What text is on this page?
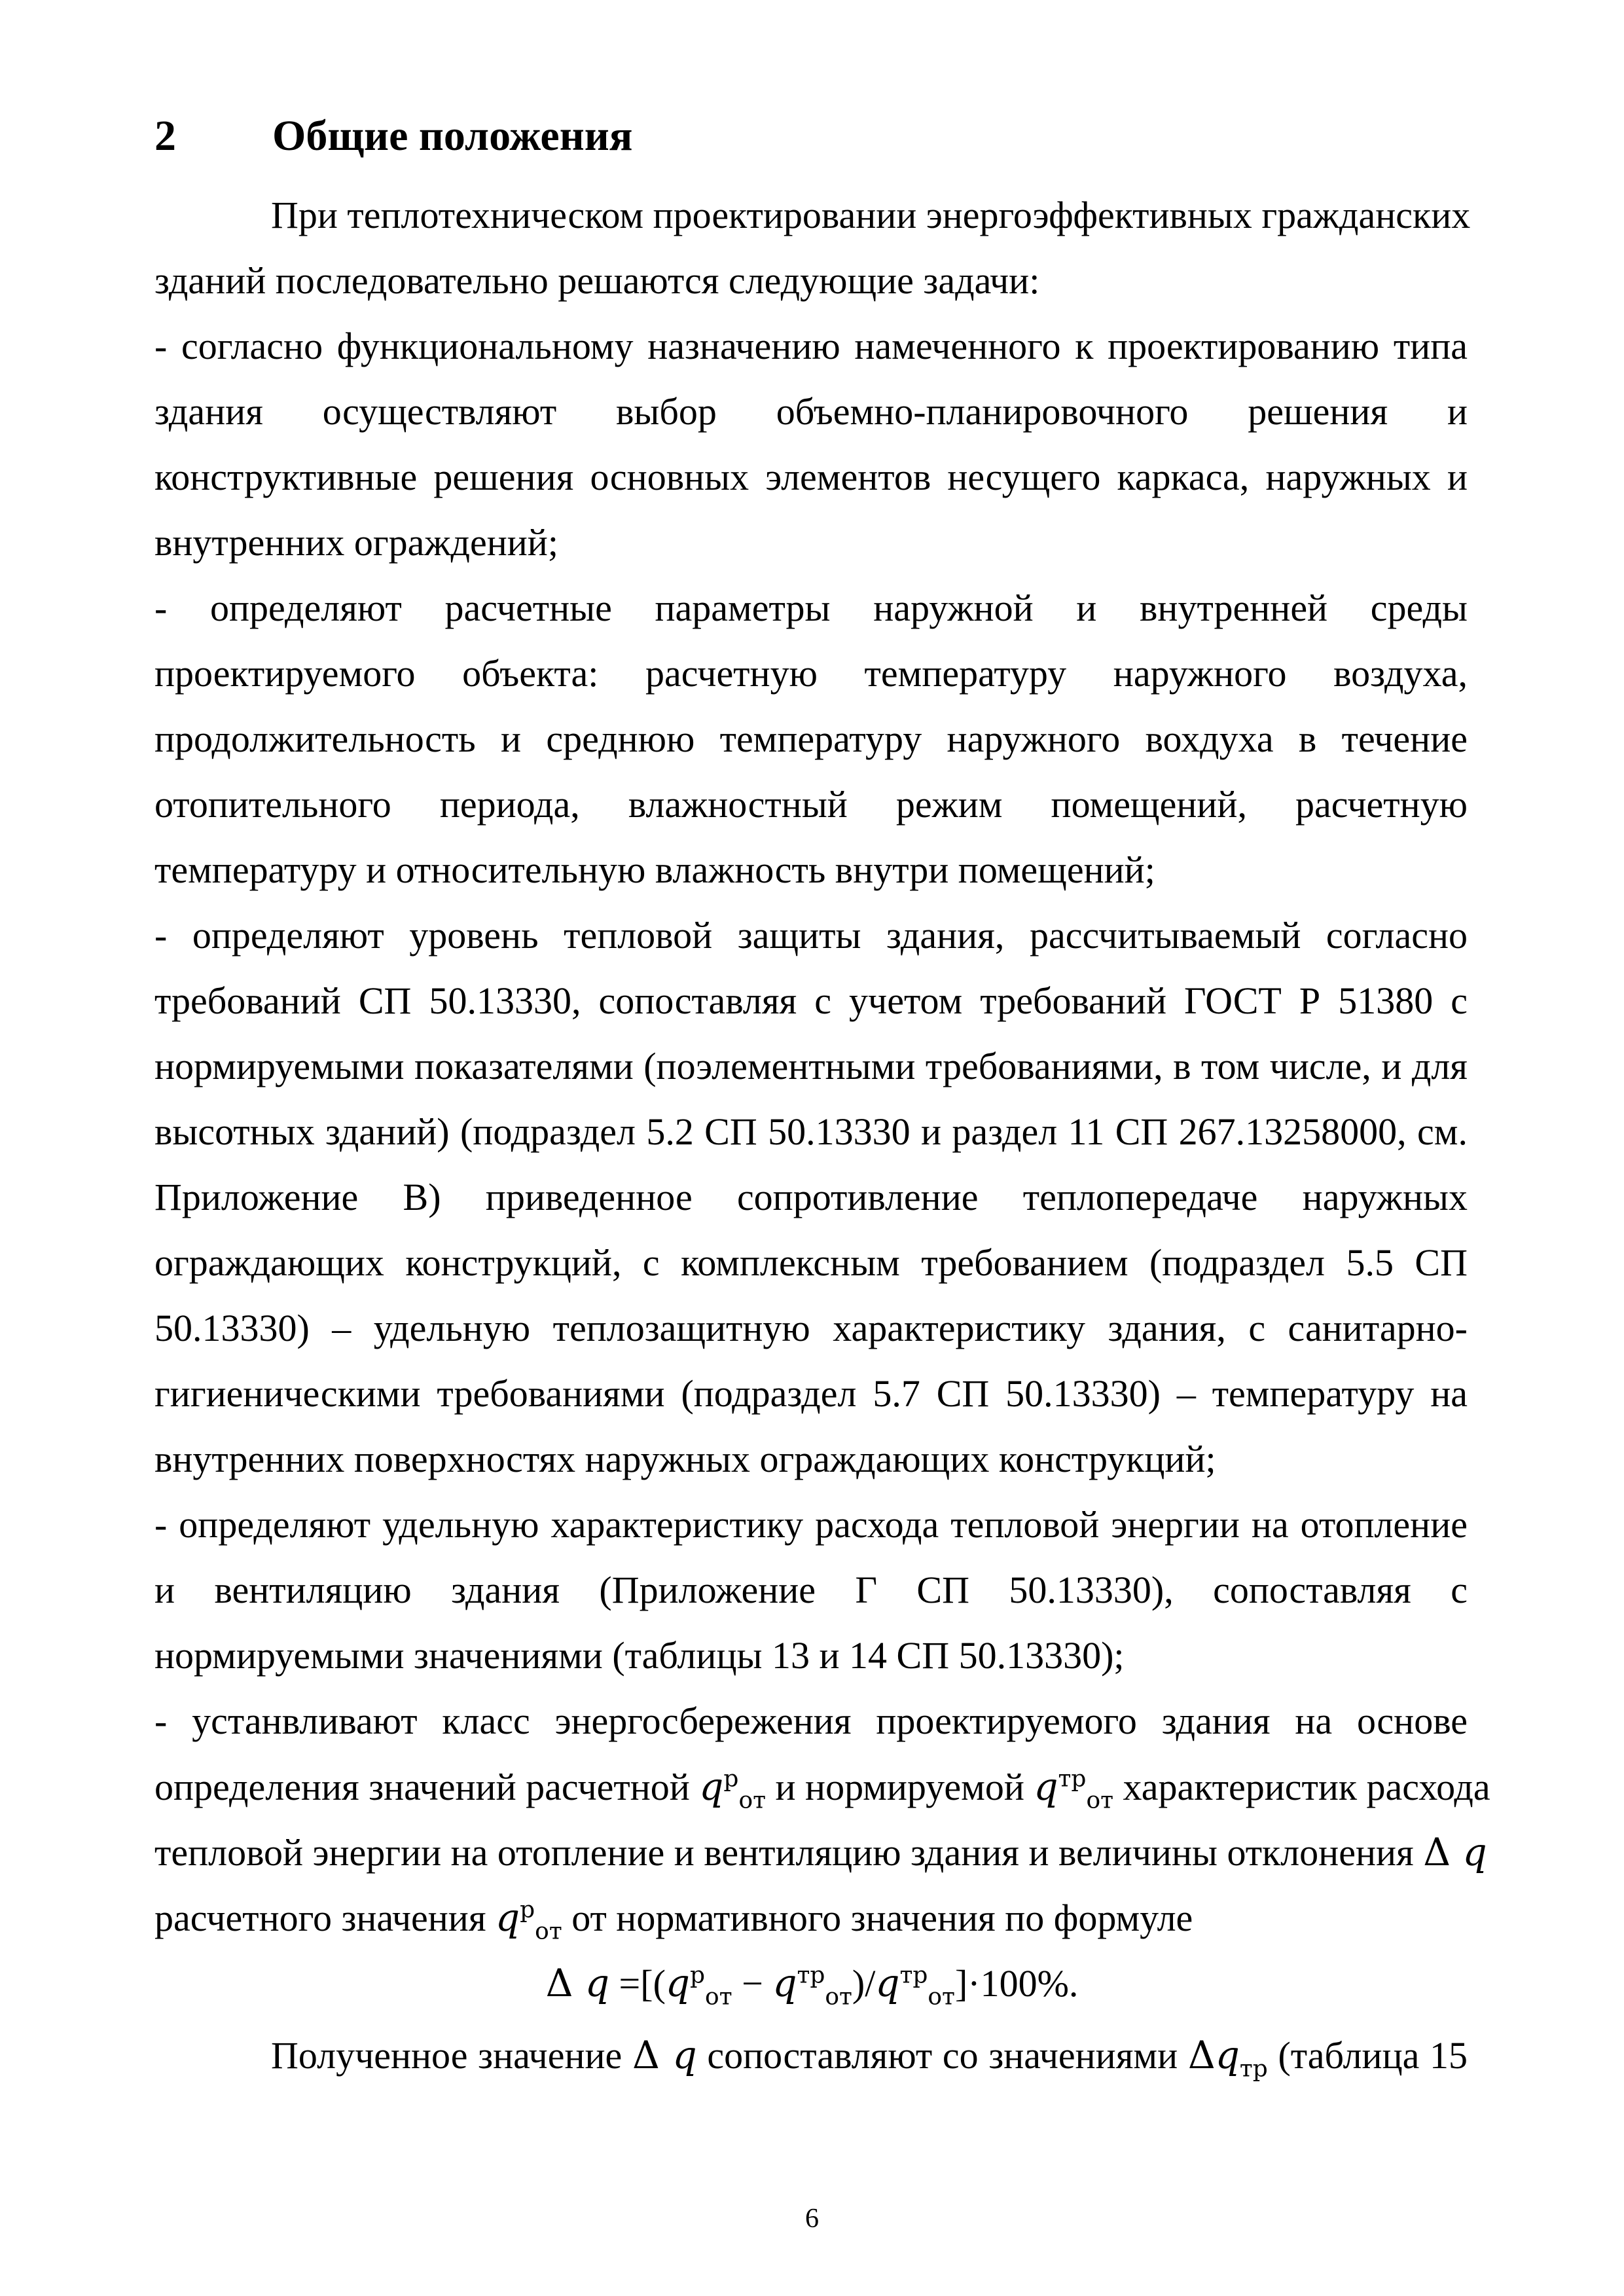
2 Общие положения
При теплотехническом проектировании энергоэффективных гражданских
зданий последовательно решаются следующие задачи:
- согласно функциональному назначению намеченного к проектированию типа
здания осуществляют выбор объемно-планировочного решения и
конструктивные решения основных элементов несущего каркаса, наружных и
внутренних ограждений;
- определяют расчетные параметры наружной и внутренней среды
проектируемого объекта: расчетную температуру наружного воздуха,
продолжительность и среднюю температуру наружного вохдуха в течение
отопительного периода, влажностный режим помещений, расчетную
температуру и относительную влажность внутри помещений;
- определяют уровень тепловой защиты здания, рассчитываемый согласно
требований СП 50.13330, сопоставляя с учетом требований ГОСТ Р 51380 с
нормируемыми показателями (поэлементными требованиями, в том числе, и для
высотных зданий) (подраздел 5.2 СП 50.13330 и раздел 11 СП 267.13258000, см.
Приложение В) приведенное сопротивление теплопередаче наружных
ограждающих конструкций, с комплексным требованием (подраздел 5.5 СП
50.13330) – удельную теплозащитную характеристику здания, с санитарно-
гигиеническими требованиями (подраздел 5.7 СП 50.13330) – температуру на
внутренних поверхностях наружных ограждающих конструкций;
- определяют удельную характеристику расхода тепловой энергии на отопление
и вентиляцию здания (Приложение Г СП 50.13330), сопоставляя с
нормируемыми значениями (таблицы 13 и 14 СП 50.13330);
- устанвливают класс энергосбережения проектируемого здания на основе
определения значений расчетной $q^р_{от}$ и нормируемой $q^{тр}_{от}$ характеристик расхода
тепловой энергии на отопление и вентиляцию здания и величины отклонения Δ q
расчетного значения $q^р_{от}$ от нормативного значения по формуле
Δ $q =[(q^р_{от} - q^{тр}_{от})/q^{тр}_{от}]\cdot 100\%$.
Полученное значение Δ q сопоставляют со значениями $\Delta q_{тр}$ (таблица 15
6
